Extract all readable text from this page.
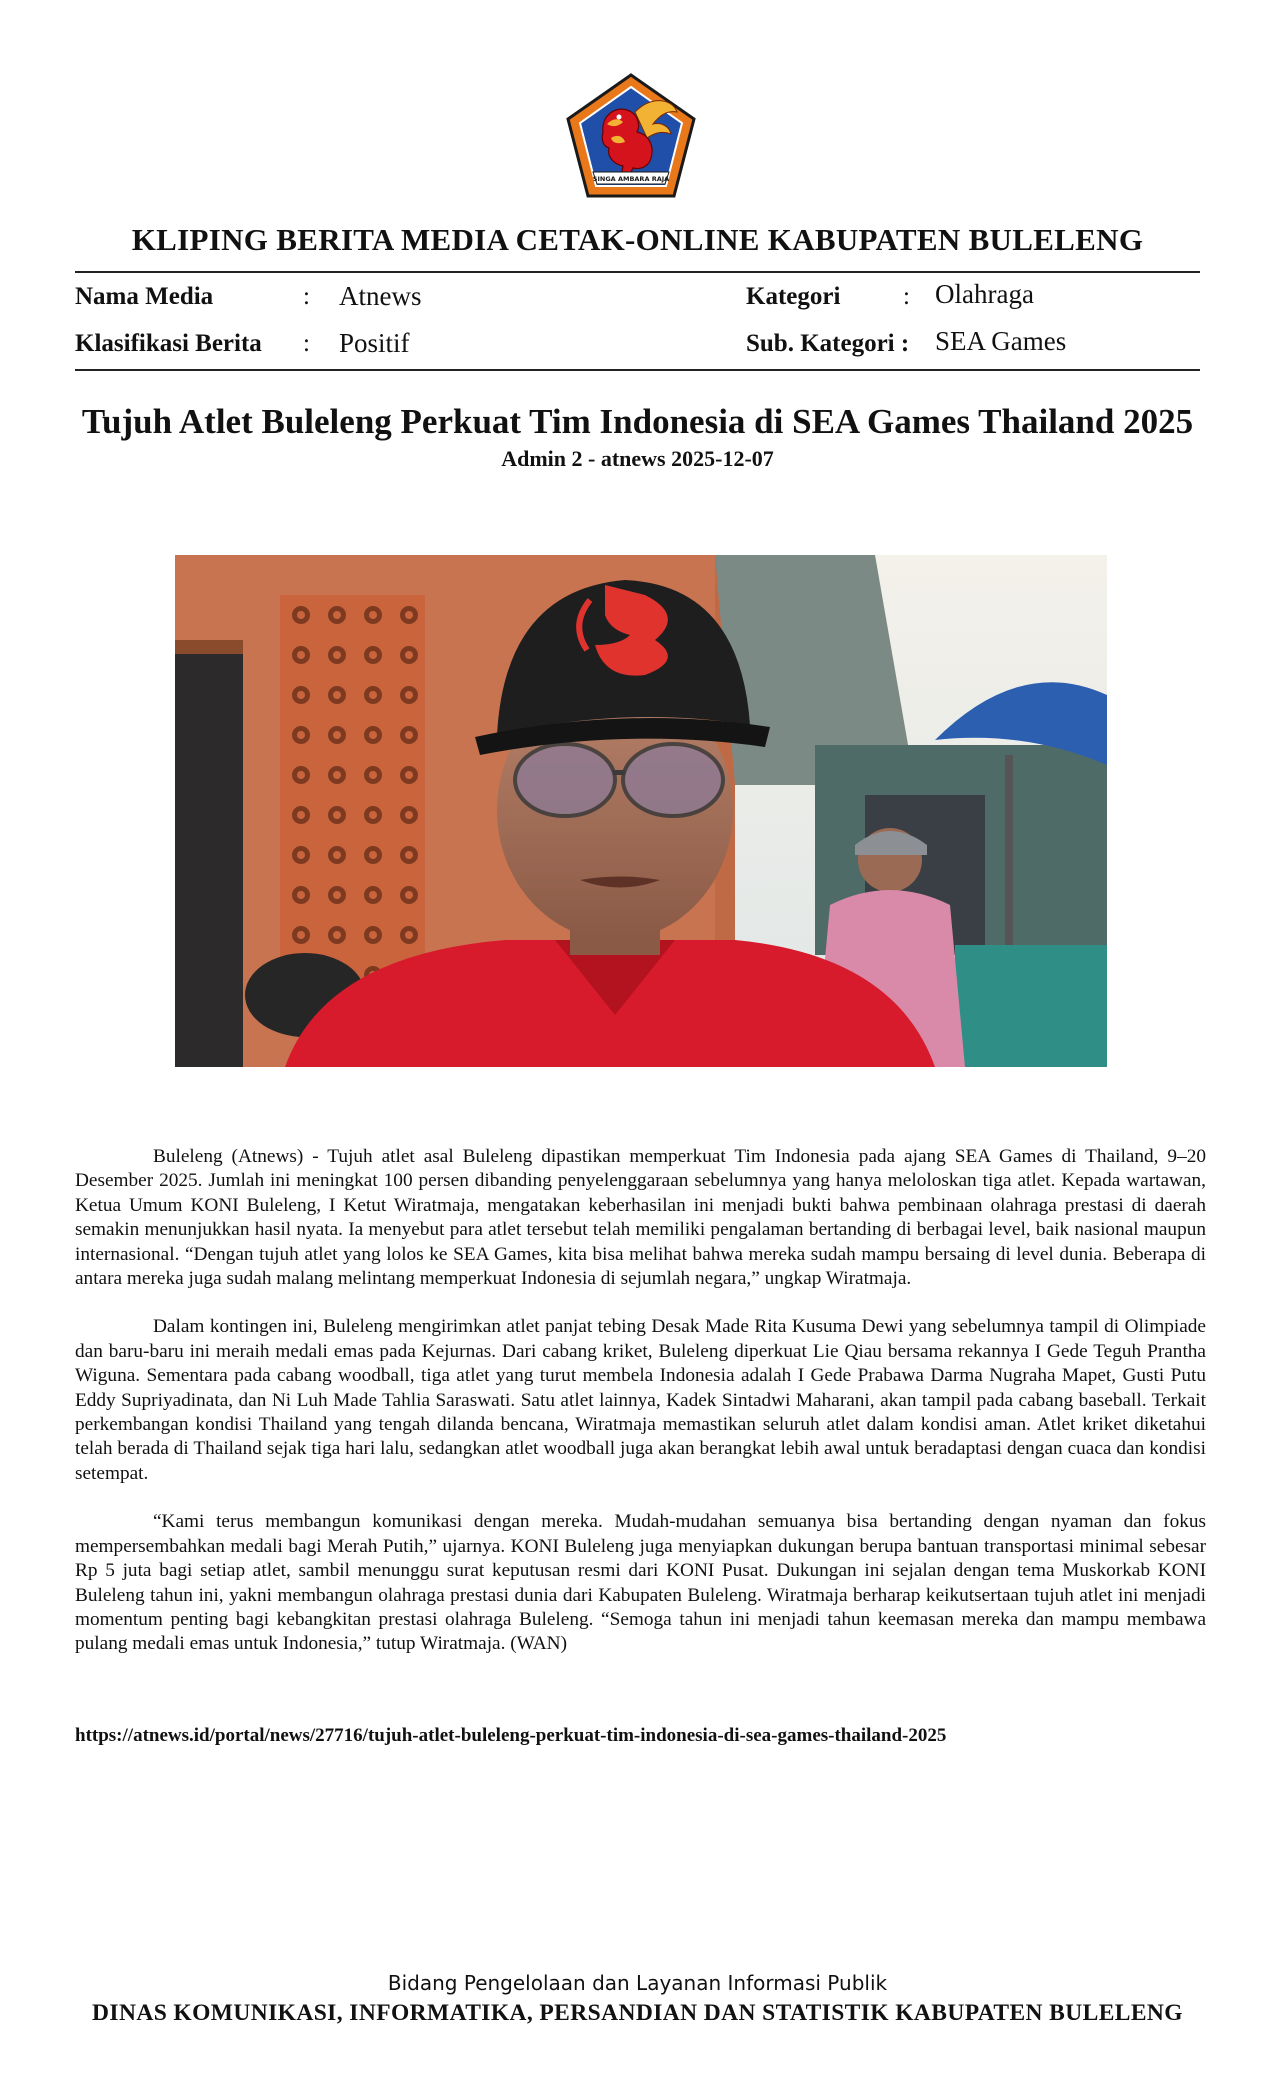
SINGA AMBARA RAJA
KLIPING BERITA MEDIA CETAK-ONLINE KABUPATEN BULELENG
Nama Media	: Atnews
Klasifikasi Berita : Positif
Kategori	: Olahraga
Sub. Kategori : SEA Games
Tujuh Atlet Buleleng Perkuat Tim Indonesia di SEA Games Thailand 2025
Admin 2 - atnews 2025-12-07

Buleleng (Atnews) - Tujuh atlet asal Buleleng dipastikan memperkuat Tim Indonesia pada ajang SEA Games di Thailand, 9–20 Desember 2025. Jumlah ini meningkat 100 persen dibanding penyelenggaraan sebelumnya yang hanya meloloskan tiga atlet. Kepada wartawan, Ketua Umum KONI Buleleng, I Ketut Wiratmaja, mengatakan keberhasilan ini menjadi bukti bahwa pembinaan olahraga prestasi di daerah semakin menunjukkan hasil nyata. Ia menyebut para atlet tersebut telah memiliki pengalaman bertanding di berbagai level, baik nasional maupun internasional. “Dengan tujuh atlet yang lolos ke SEA Games, kita bisa melihat bahwa mereka sudah mampu bersaing di level dunia. Beberapa di antara mereka juga sudah malang melintang memperkuat Indonesia di sejumlah negara,” ungkap Wiratmaja.

Dalam kontingen ini, Buleleng mengirimkan atlet panjat tebing Desak Made Rita Kusuma Dewi yang sebelumnya tampil di Olimpiade dan baru-baru ini meraih medali emas pada Kejurnas. Dari cabang kriket, Buleleng diperkuat Lie Qiau bersama rekannya I Gede Teguh Prantha Wiguna. Sementara pada cabang woodball, tiga atlet yang turut membela Indonesia adalah I Gede Prabawa Darma Nugraha Mapet, Gusti Putu Eddy Supriyadinata, dan Ni Luh Made Tahlia Saraswati. Satu atlet lainnya, Kadek Sintadwi Maharani, akan tampil pada cabang baseball. Terkait perkembangan kondisi Thailand yang tengah dilanda bencana, Wiratmaja memastikan seluruh atlet dalam kondisi aman. Atlet kriket diketahui telah berada di Thailand sejak tiga hari lalu, sedangkan atlet woodball juga akan berangkat lebih awal untuk beradaptasi dengan cuaca dan kondisi setempat.

“Kami terus membangun komunikasi dengan mereka. Mudah-mudahan semuanya bisa bertanding dengan nyaman dan fokus mempersembahkan medali bagi Merah Putih,” ujarnya. KONI Buleleng juga menyiapkan dukungan berupa bantuan transportasi minimal sebesar Rp 5 juta bagi setiap atlet, sambil menunggu surat keputusan resmi dari KONI Pusat. Dukungan ini sejalan dengan tema Muskorkab KONI Buleleng tahun ini, yakni membangun olahraga prestasi dunia dari Kabupaten Buleleng. Wiratmaja berharap keikutsertaan tujuh atlet ini menjadi momentum penting bagi kebangkitan prestasi olahraga Buleleng. “Semoga tahun ini menjadi tahun keemasan mereka dan mampu membawa pulang medali emas untuk Indonesia,” tutup Wiratmaja. (WAN)

https://atnews.id/portal/news/27716/tujuh-atlet-buleleng-perkuat-tim-indonesia-di-sea-games-thailand-2025
Bidang Pengelolaan dan Layanan Informasi Publik
DINAS KOMUNIKASI, INFORMATIKA, PERSANDIAN DAN STATISTIK KABUPATEN BULELENG
